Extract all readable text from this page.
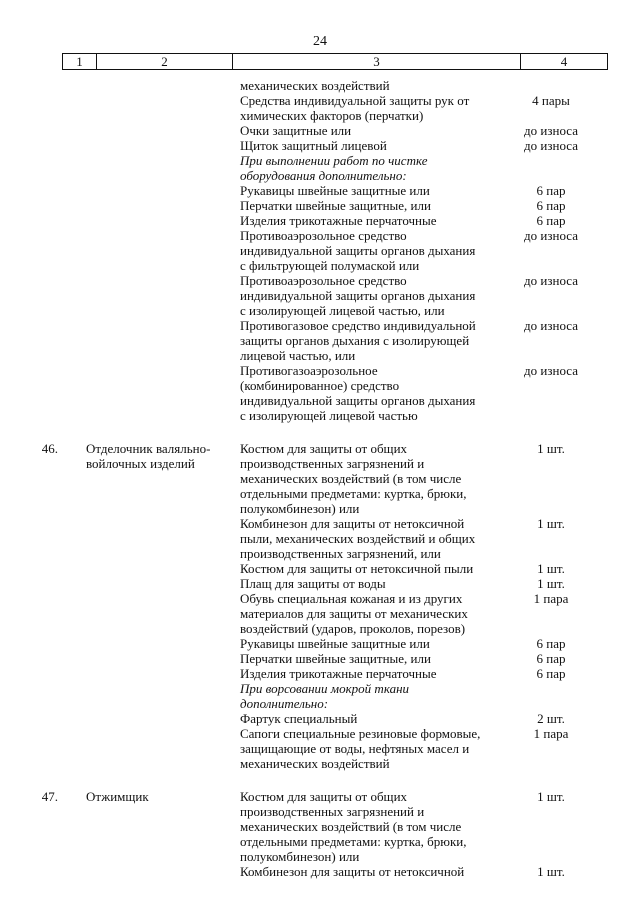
24
1	2	3	4
механических воздействий
Средства индивидуальной защиты рук от	4 пары
химических факторов (перчатки)
Очки защитные или	до износа
Щиток защитный лицевой	до износа
При выполнении работ по чистке
оборудования дополнительно:
Рукавицы швейные защитные или	6 пар
Перчатки швейные защитные, или	6 пар
Изделия трикотажные перчаточные	6 пар
Противоаэрозольное средство	до износа
индивидуальной защиты органов дыхания
с фильтрующей полумаской или
Противоаэрозольное средство	до износа
индивидуальной защиты органов дыхания
с изолирующей лицевой частью, или
Противогазовое средство индивидуальной	до износа
защиты органов дыхания с изолирующей
лицевой частью, или
Противогазоаэрозольное	до износа
(комбинированное) средство
индивидуальной защиты органов дыхания
с изолирующей лицевой частью
46.	Отделочник валяльно-
войлочных изделий
Костюм для защиты от общих	1 шт.
производственных загрязнений и
механических воздействий (в том числе
отдельными предметами: куртка, брюки,
полукомбинезон) или
Комбинезон для защиты от нетоксичной	1 шт.
пыли, механических воздействий и общих
производственных загрязнений, или
Костюм для защиты от нетоксичной пыли	1 шт.
Плащ для защиты от воды	1 шт.
Обувь специальная кожаная и из других	1 пара
материалов для защиты от механических
воздействий (ударов, проколов, порезов)
Рукавицы швейные защитные или	6 пар
Перчатки швейные защитные, или	6 пар
Изделия трикотажные перчаточные	6 пар
При ворсовании мокрой ткани
дополнительно:
Фартук специальный	2 шт.
Сапоги специальные резиновые формовые,	1 пара
защищающие от воды, нефтяных масел и
механических воздействий
47.	Отжимщик	Костюм для защиты от общих	1 шт.
производственных загрязнений и
механических воздействий (в том числе
отдельными предметами: куртка, брюки,
полукомбинезон) или
Комбинезон для защиты от нетоксичной	1 шт.
